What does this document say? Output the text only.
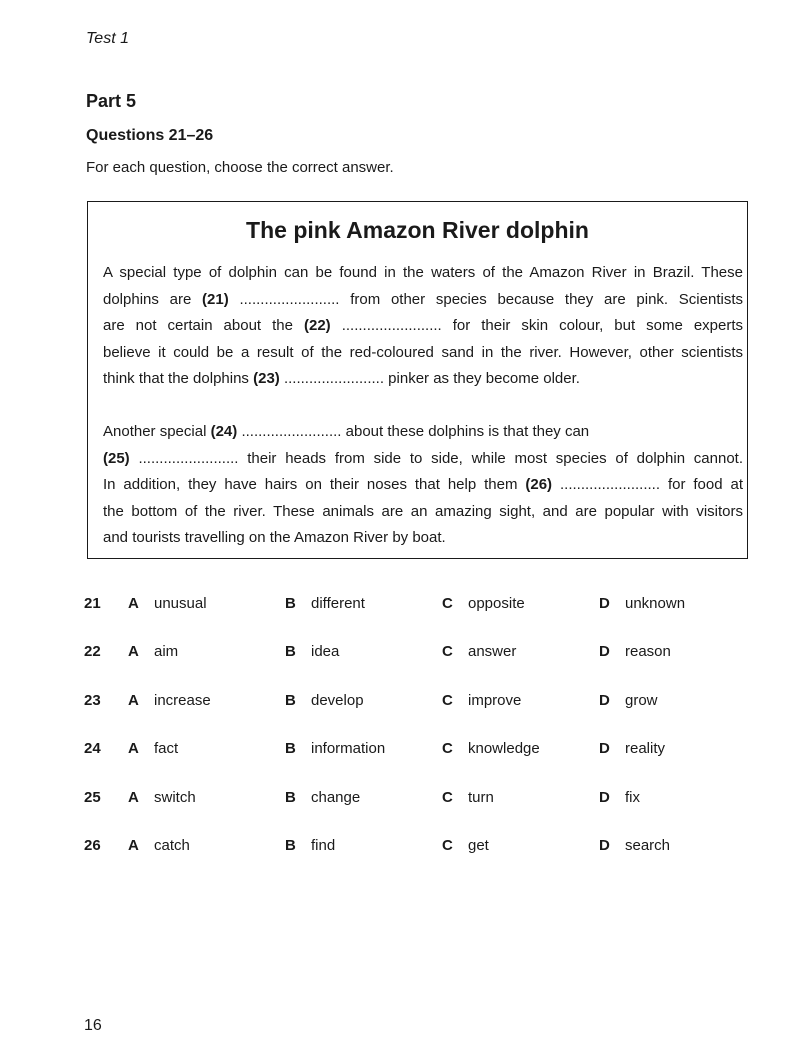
Test 1
Part 5
Questions 21–26
For each question, choose the correct answer.
The pink Amazon River dolphin
A special type of dolphin can be found in the waters of the Amazon River in Brazil. These
dolphins are (21) ........................ from other species because they are pink. Scientists
are not certain about the (22) ........................ for their skin colour, but some experts
believe it could be a result of the red-coloured sand in the river. However, other scientists
think that the dolphins (23) ........................ pinker as they become older.
Another special (24) ........................ about these dolphins is that they can
(25) ........................ their heads from side to side, while most species of dolphin cannot.
In addition, they have hairs on their noses that help them (26) ........................ for food at
the bottom of the river. These animals are an amazing sight, and are popular with visitors
and tourists travelling on the Amazon River by boat.
21 A unusual	B different	C opposite	D unknown
22 A aim	B idea	C answer	D reason
23 A increase	B develop	C improve	D grow
24 A fact	B information	C knowledge	D reality
25 A switch	B change	C turn	D fix
26 A catch	B find	C get	D search
16
